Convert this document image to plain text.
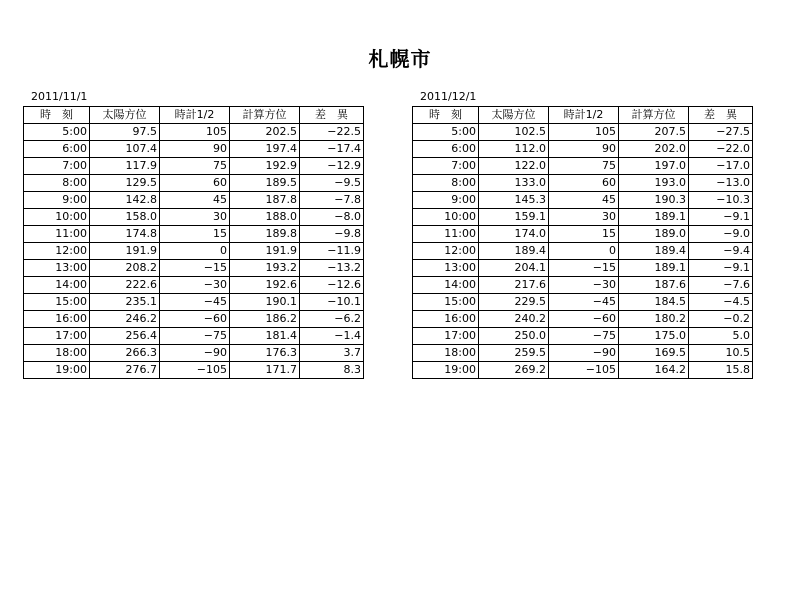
札幌市
2011/11/1
時　刻	太陽方位	時計1/2	計算方位	差　異
5:00	97.5	105	202.5	−22.5
6:00	107.4	90	197.4	−17.4
7:00	117.9	75	192.9	−12.9
8:00	129.5	60	189.5	−9.5
9:00	142.8	45	187.8	−7.8
10:00	158.0	30	188.0	−8.0
11:00	174.8	15	189.8	−9.8
12:00	191.9	0	191.9	−11.9
13:00	208.2	−15	193.2	−13.2
14:00	222.6	−30	192.6	−12.6
15:00	235.1	−45	190.1	−10.1
16:00	246.2	−60	186.2	−6.2
17:00	256.4	−75	181.4	−1.4
18:00	266.3	−90	176.3	3.7
19:00	276.7	−105	171.7	8.3
2011/12/1
時　刻	太陽方位	時計1/2	計算方位	差　異
5:00	102.5	105	207.5	−27.5
6:00	112.0	90	202.0	−22.0
7:00	122.0	75	197.0	−17.0
8:00	133.0	60	193.0	−13.0
9:00	145.3	45	190.3	−10.3
10:00	159.1	30	189.1	−9.1
11:00	174.0	15	189.0	−9.0
12:00	189.4	0	189.4	−9.4
13:00	204.1	−15	189.1	−9.1
14:00	217.6	−30	187.6	−7.6
15:00	229.5	−45	184.5	−4.5
16:00	240.2	−60	180.2	−0.2
17:00	250.0	−75	175.0	5.0
18:00	259.5	−90	169.5	10.5
19:00	269.2	−105	164.2	15.8
